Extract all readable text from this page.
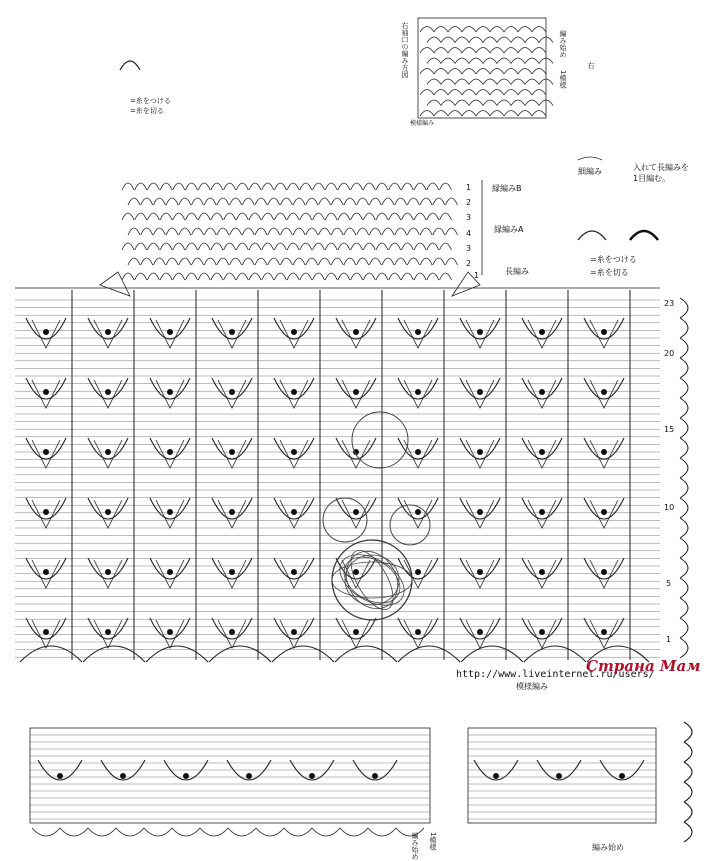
右袖口の編み方図	右
1模様
編み始め
模様編み
=糸をつける
=糸を切る
細編み	入れて長編みを
1目編む。
=糸をつける
=糸を切る
縁編みB
縁編みA
長編み
1
2
3
4
3
2
1
23
20
15
10
5
1
http://www.liveinternet.ru/users/
Страна Мам
模様編み
編み始め 1模様	編み始め
